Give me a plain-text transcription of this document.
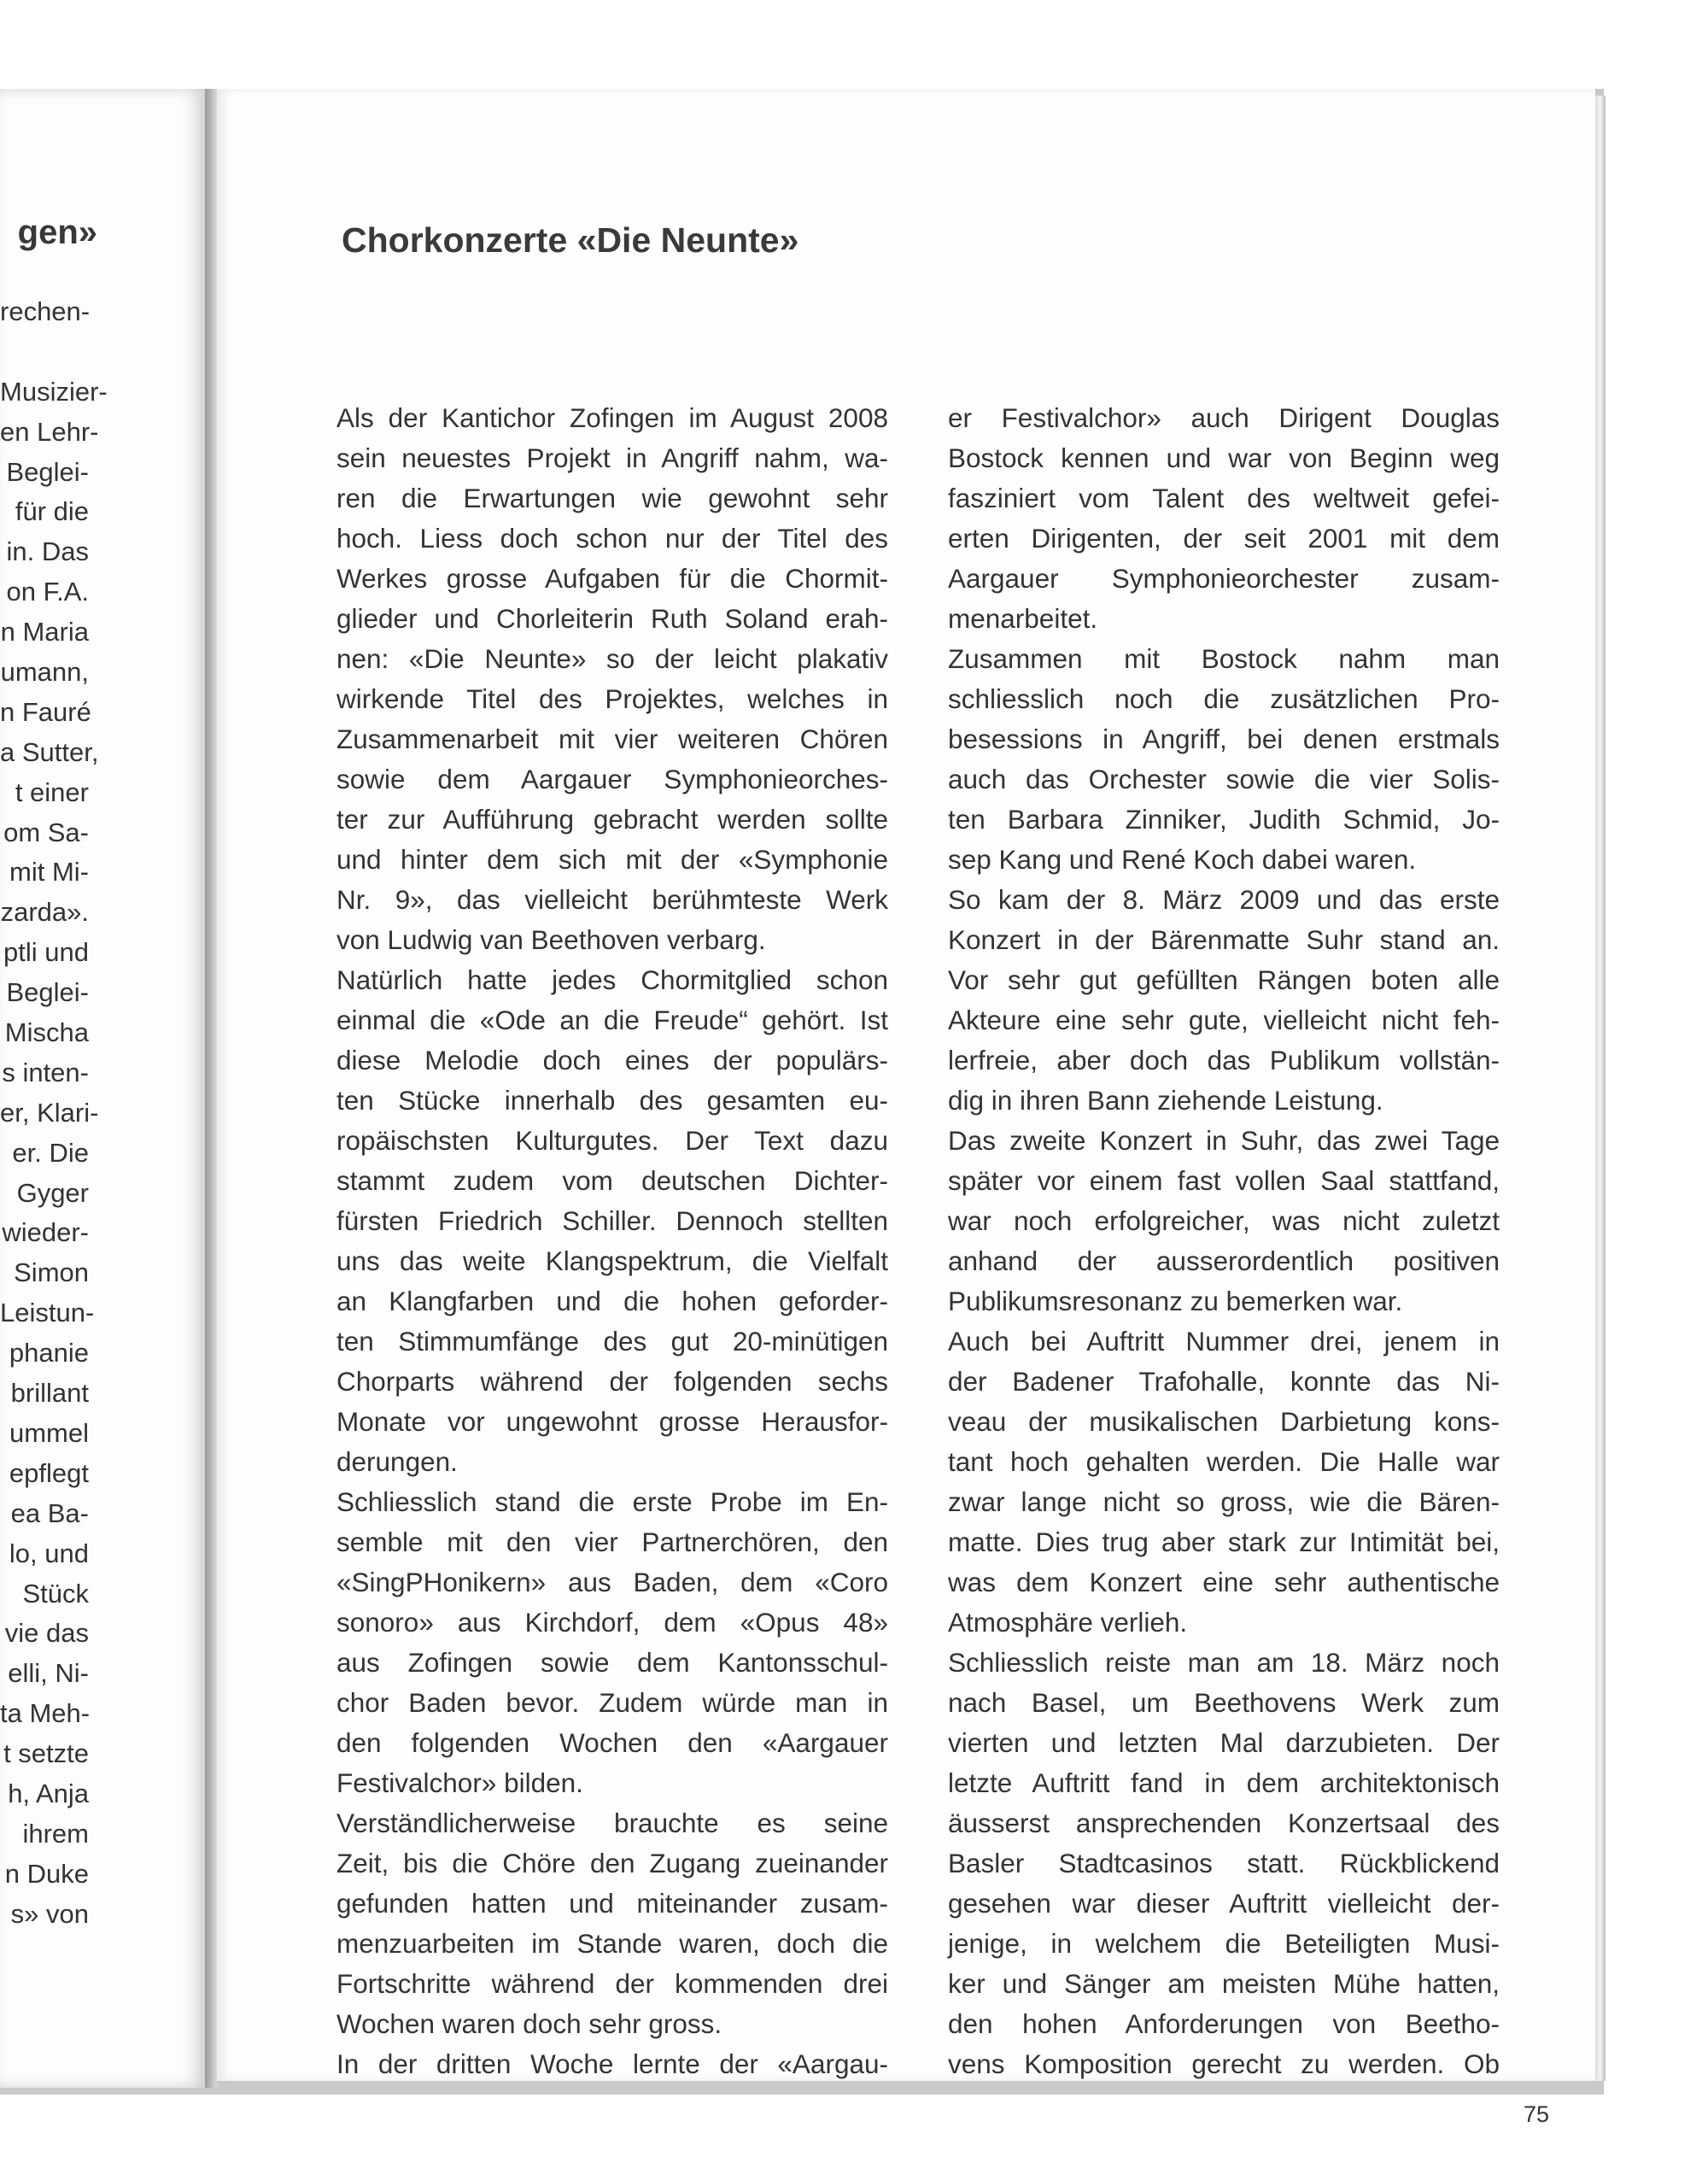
gen»
rechen-
Musizier-
en Lehr-
Beglei-
für die
in. Das
on F.A.
n Maria
umann,
n Fauré
a Sutter,
t einer
om Sa-
mit Mi-
zarda».
ptli und
Beglei-
Mischa
s inten-
er, Klari-
er. Die
Gyger
wieder-
Simon
Leistun-
phanie
brillant
ummel
epflegt
ea Ba-
lo, und
Stück
vie das
elli, Ni-
ta Meh-
t setzte
h, Anja
ihrem
n Duke
s» von
Chorkonzerte «Die Neunte»
Als der Kantichor Zofingen im August 2008
sein neuestes Projekt in Angriff nahm, wa-
ren die Erwartungen wie gewohnt sehr
hoch. Liess doch schon nur der Titel des
Werkes grosse Aufgaben für die Chormit-
glieder und Chorleiterin Ruth Soland erah-
nen: «Die Neunte» so der leicht plakativ
wirkende Titel des Projektes, welches in
Zusammenarbeit mit vier weiteren Chören
sowie dem Aargauer Symphonieorches-
ter zur Aufführung gebracht werden sollte
und hinter dem sich mit der «Symphonie
Nr. 9», das vielleicht berühmteste Werk
von Ludwig van Beethoven verbarg.
Natürlich hatte jedes Chormitglied schon
einmal die «Ode an die Freude“ gehört. Ist
diese Melodie doch eines der populärs-
ten Stücke innerhalb des gesamten eu-
ropäischsten Kulturgutes. Der Text dazu
stammt zudem vom deutschen Dichter-
fürsten Friedrich Schiller. Dennoch stellten
uns das weite Klangspektrum, die Vielfalt
an Klangfarben und die hohen geforder-
ten Stimmumfänge des gut 20-minütigen
Chorparts während der folgenden sechs
Monate vor ungewohnt grosse Herausfor-
derungen.
Schliesslich stand die erste Probe im En-
semble mit den vier Partnerchören, den
«SingPHonikern» aus Baden, dem «Coro
sonoro» aus Kirchdorf, dem «Opus 48»
aus Zofingen sowie dem Kantonsschul-
chor Baden bevor. Zudem würde man in
den folgenden Wochen den «Aargauer
Festivalchor» bilden.
Verständlicherweise brauchte es seine
Zeit, bis die Chöre den Zugang zueinander
gefunden hatten und miteinander zusam-
menzuarbeiten im Stande waren, doch die
Fortschritte während der kommenden drei
Wochen waren doch sehr gross.
In der dritten Woche lernte der «Aargau-
er Festivalchor» auch Dirigent Douglas
Bostock kennen und war von Beginn weg
fasziniert vom Talent des weltweit gefei-
erten Dirigenten, der seit 2001 mit dem
Aargauer Symphonieorchester zusam-
menarbeitet.
Zusammen mit Bostock nahm man
schliesslich noch die zusätzlichen Pro-
besessions in Angriff, bei denen erstmals
auch das Orchester sowie die vier Solis-
ten Barbara Zinniker, Judith Schmid, Jo-
sep Kang und René Koch dabei waren.
So kam der 8. März 2009 und das erste
Konzert in der Bärenmatte Suhr stand an.
Vor sehr gut gefüllten Rängen boten alle
Akteure eine sehr gute, vielleicht nicht feh-
lerfreie, aber doch das Publikum vollstän-
dig in ihren Bann ziehende Leistung.
Das zweite Konzert in Suhr, das zwei Tage
später vor einem fast vollen Saal stattfand,
war noch erfolgreicher, was nicht zuletzt
anhand der ausserordentlich positiven
Publikumsresonanz zu bemerken war.
Auch bei Auftritt Nummer drei, jenem in
der Badener Trafohalle, konnte das Ni-
veau der musikalischen Darbietung kons-
tant hoch gehalten werden. Die Halle war
zwar lange nicht so gross, wie die Bären-
matte. Dies trug aber stark zur Intimität bei,
was dem Konzert eine sehr authentische
Atmosphäre verlieh.
Schliesslich reiste man am 18. März noch
nach Basel, um Beethovens Werk zum
vierten und letzten Mal darzubieten. Der
letzte Auftritt fand in dem architektonisch
äusserst ansprechenden Konzertsaal des
Basler Stadtcasinos statt. Rückblickend
gesehen war dieser Auftritt vielleicht der-
jenige, in welchem die Beteiligten Musi-
ker und Sänger am meisten Mühe hatten,
den hohen Anforderungen von Beetho-
vens Komposition gerecht zu werden. Ob
75
